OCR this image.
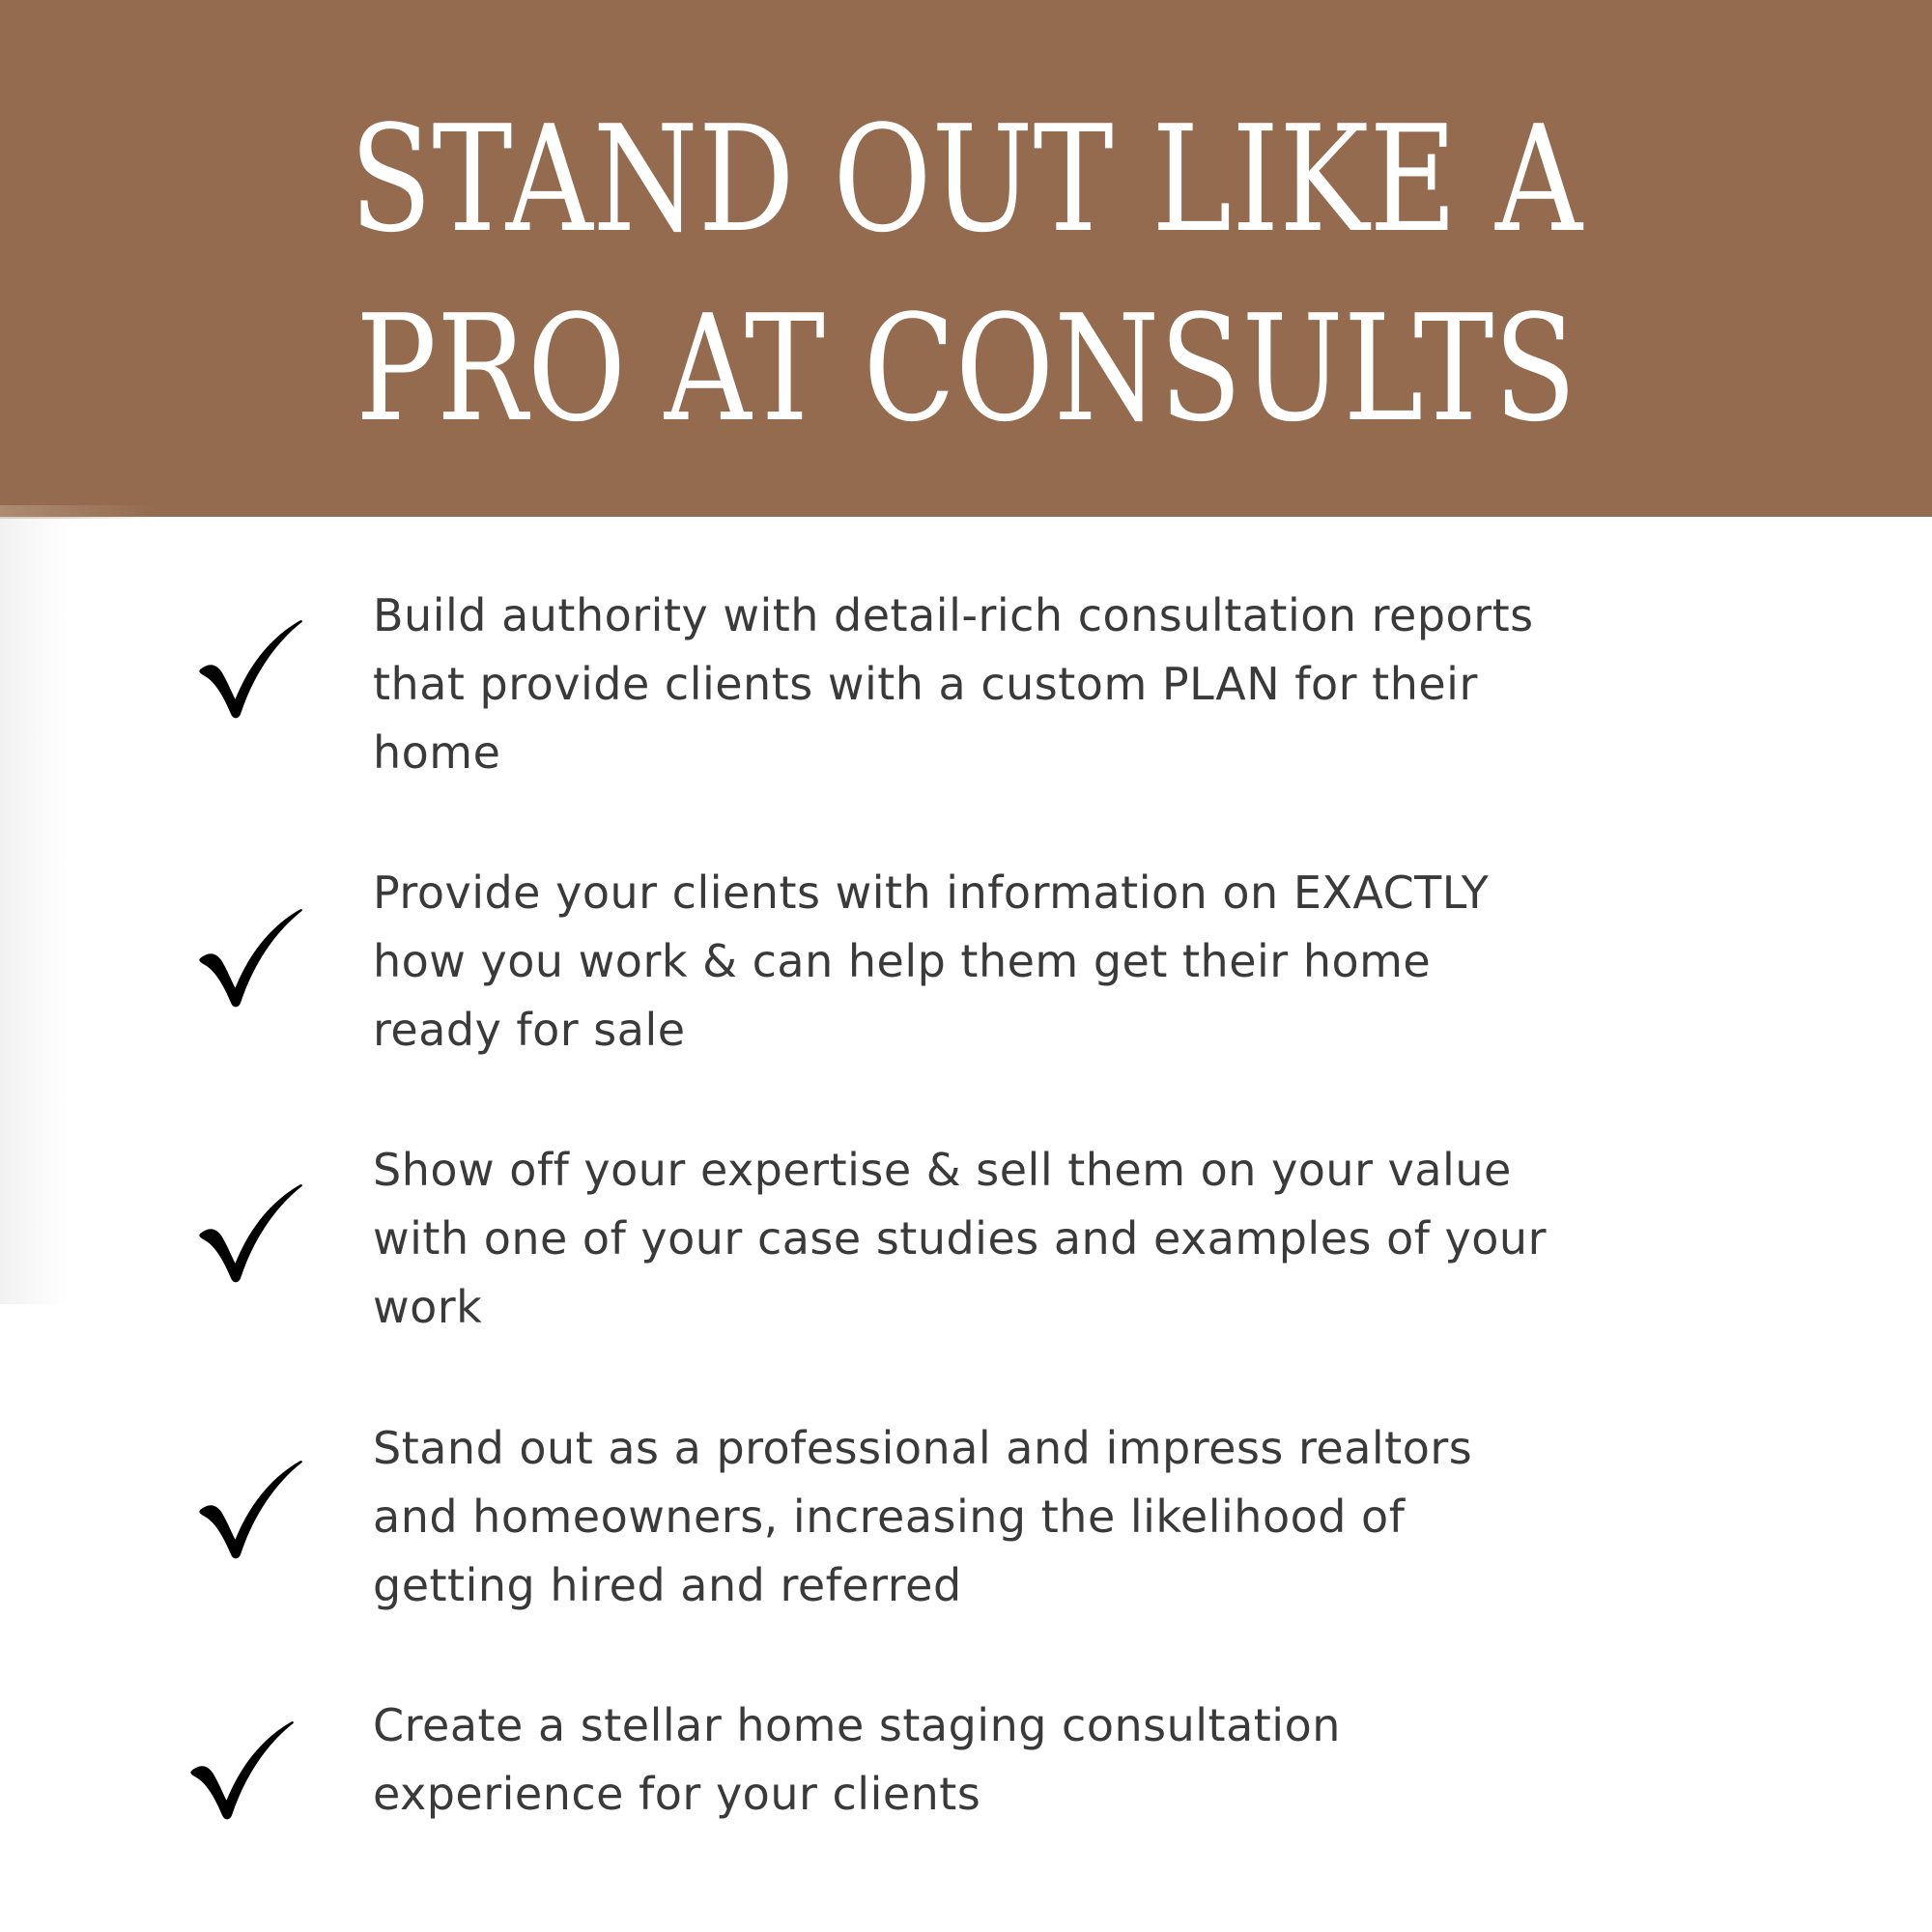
STAND OUT LIKE A
PRO AT CONSULTS

Build authority with detail-rich consultation reports
that provide clients with a custom PLAN for their
home

Provide your clients with information on EXACTLY
how you work & can help them get their home
ready for sale

Show off your expertise & sell them on your value
with one of your case studies and examples of your
work

Stand out as a professional and impress realtors
and homeowners, increasing the likelihood of
getting hired and referred

Create a stellar home staging consultation
experience for your clients
